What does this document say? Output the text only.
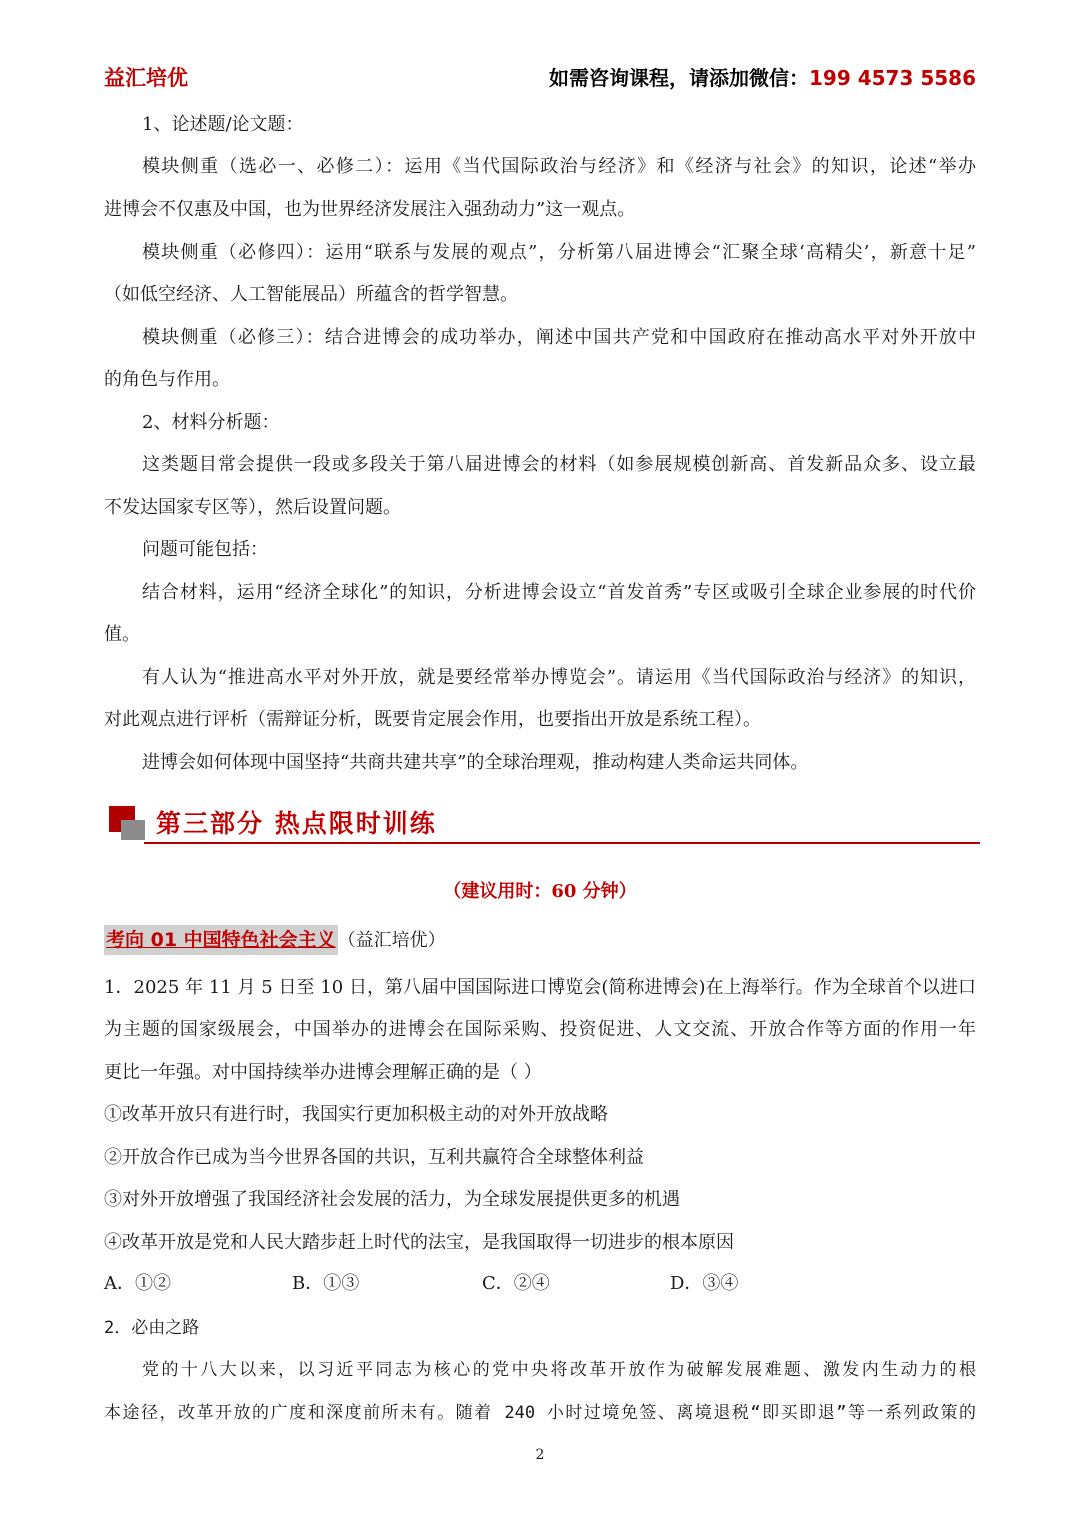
益汇培优	如需咨询课程，请添加微信：199 4573 5586
1、论述题/论文题：
模块侧重（选必一、必修二）：运用《当代国际政治与经济》和《经济与社会》的知识，论述“举办
进博会不仅惠及中国，也为世界经济发展注入强劲动力”这一观点。
模块侧重（必修四）：运用“联系与发展的观点”，分析第八届进博会“汇聚全球‘高精尖’，新意十足”
（如低空经济、人工智能展品）所蕴含的哲学智慧。
模块侧重（必修三）：结合进博会的成功举办，阐述中国共产党和中国政府在推动高水平对外开放中
的角色与作用。
2、材料分析题：
这类题目常会提供一段或多段关于第八届进博会的材料（如参展规模创新高、首发新品众多、设立最
不发达国家专区等），然后设置问题。
问题可能包括：
结合材料，运用“经济全球化”的知识，分析进博会设立“首发首秀”专区或吸引全球企业参展的时代价
值。
有人认为“推进高水平对外开放，就是要经常举办博览会”。请运用《当代国际政治与经济》的知识，
对此观点进行评析（需辩证分析，既要肯定展会作用，也要指出开放是系统工程）。
进博会如何体现中国坚持“共商共建共享”的全球治理观，推动构建人类命运共同体。
第三部分 热点限时训练
（建议用时：60 分钟）
考向 01 中国特色社会主义 （益汇培优）
1．2025 年 11 月 5 日至 10 日，第八届中国国际进口博览会(简称进博会)在上海举行。作为全球首个以进口
为主题的国家级展会，中国举办的进博会在国际采购、投资促进、人文交流、开放合作等方面的作用一年
更比一年强。对中国持续举办进博会理解正确的是（ ）
①改革开放只有进行时，我国实行更加积极主动的对外开放战略
②开放合作已成为当今世界各国的共识，互利共赢符合全球整体利益
③对外开放增强了我国经济社会发展的活力，为全球发展提供更多的机遇
④改革开放是党和人民大踏步赶上时代的法宝，是我国取得一切进步的根本原因
A．①②	B．①③	C．②④	D．③④
2．必由之路
党的十八大以来，以习近平同志为核心的党中央将改革开放作为破解发展难题、激发内生动力的根
本途径，改革开放的广度和深度前所未有。随着 240 小时过境免签、离境退税“即买即退”等一系列政策的
2
